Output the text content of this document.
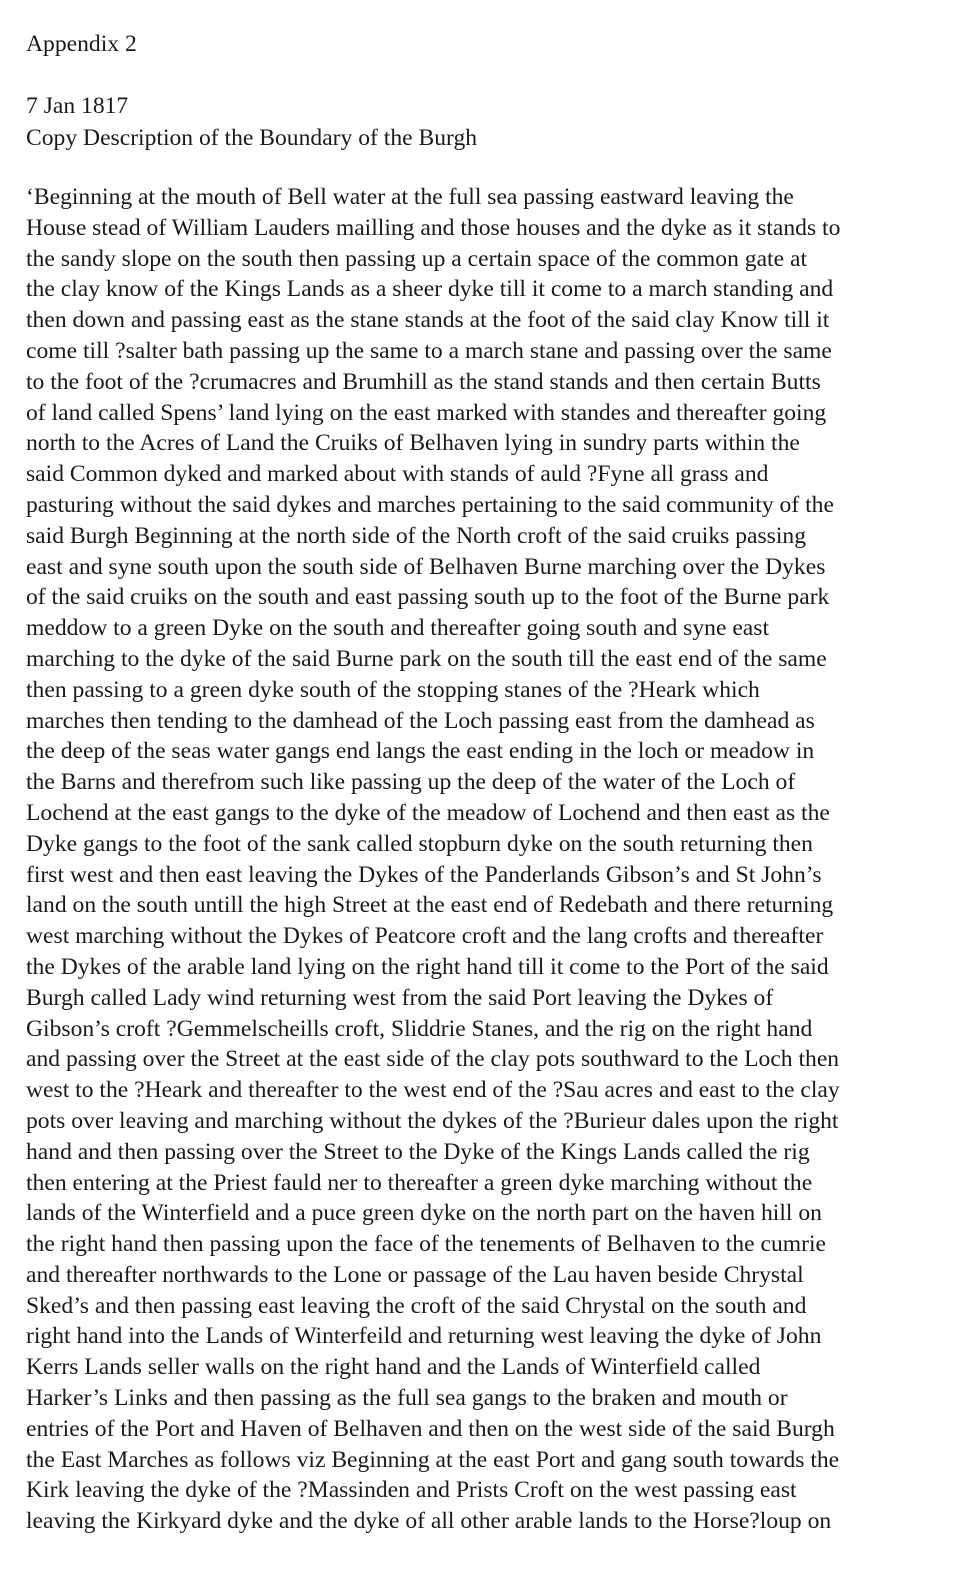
Appendix 2
7 Jan 1817
Copy Description of the Boundary of the Burgh
‘Beginning at the mouth of Bell water at the full sea passing eastward leaving the
House stead of William Lauders mailling and those houses and the dyke as it stands to
the sandy slope on the south then passing up a certain space of the common gate at
the clay know of the Kings Lands as a sheer dyke till it come to a march standing and
then down and passing east as the stane stands at the foot of the said clay Know till it
come till ?salter bath passing up the same to a march stane and passing over the same
to the foot of the ?crumacres and Brumhill as the stand stands and then certain Butts
of land called Spens’ land lying on the east marked with standes and thereafter going
north to the Acres of Land the Cruiks of Belhaven lying in sundry parts within the
said Common dyked and marked about with stands of auld ?Fyne all grass and
pasturing without the said dykes and marches pertaining to the said community of the
said Burgh Beginning at the north side of the North croft of the said cruiks passing
east and syne south upon the south side of Belhaven Burne marching over the Dykes
of the said cruiks on the south and east passing south up to the foot of the Burne park
meddow to a green Dyke on the south and thereafter going south and syne east
marching to the dyke of the said Burne park on the south till the east end of the same
then passing to a green dyke south of the stopping stanes of the ?Heark which
marches then tending to the damhead of the Loch passing east from the damhead as
the deep of the seas water gangs end langs the east ending in the loch or meadow in
the Barns and therefrom such like passing up the deep of the water of the Loch of
Lochend at the east gangs to the dyke of the meadow of Lochend and then east as the
Dyke gangs to the foot of the sank called stopburn dyke on the south returning then
first west and then east leaving the Dykes of the Panderlands Gibson’s and St John’s
land on the south untill the high Street at the east end of Redebath and there returning
west marching without the Dykes of Peatcore croft and the lang crofts and thereafter
the Dykes of the arable land lying on the right hand till it come to the Port of the said
Burgh called Lady wind returning west from the said Port leaving the Dykes of
Gibson’s croft ?Gemmelscheills croft, Sliddrie Stanes, and the rig on the right hand
and passing over the Street at the east side of the clay pots southward to the Loch then
west to the ?Heark and thereafter to the west end of the ?Sau acres and east to the clay
pots over leaving and marching without the dykes of the ?Burieur dales upon the right
hand and then passing over the Street to the Dyke of the Kings Lands called the rig
then entering at the Priest fauld ner to thereafter a green dyke marching without the
lands of the Winterfield and a puce green dyke on the north part on the haven hill on
the right hand then passing upon the face of the tenements of Belhaven to the cumrie
and thereafter northwards to the Lone or passage of the Lau haven beside Chrystal
Sked’s and then passing east leaving the croft of the said Chrystal on the south and
right hand into the Lands of Winterfeild and returning west leaving the dyke of John
Kerrs Lands seller walls on the right hand and the Lands of Winterfield called
Harker’s Links and then passing as the full sea gangs to the braken and mouth or
entries of the Port and Haven of Belhaven and then on the west side of the said Burgh
the East Marches as follows viz Beginning at the east Port and gang south towards the
Kirk leaving the dyke of the ?Massinden and Prists Croft on the west passing east
leaving the Kirkyard dyke and the dyke of all other arable lands to the Horse?loup on
